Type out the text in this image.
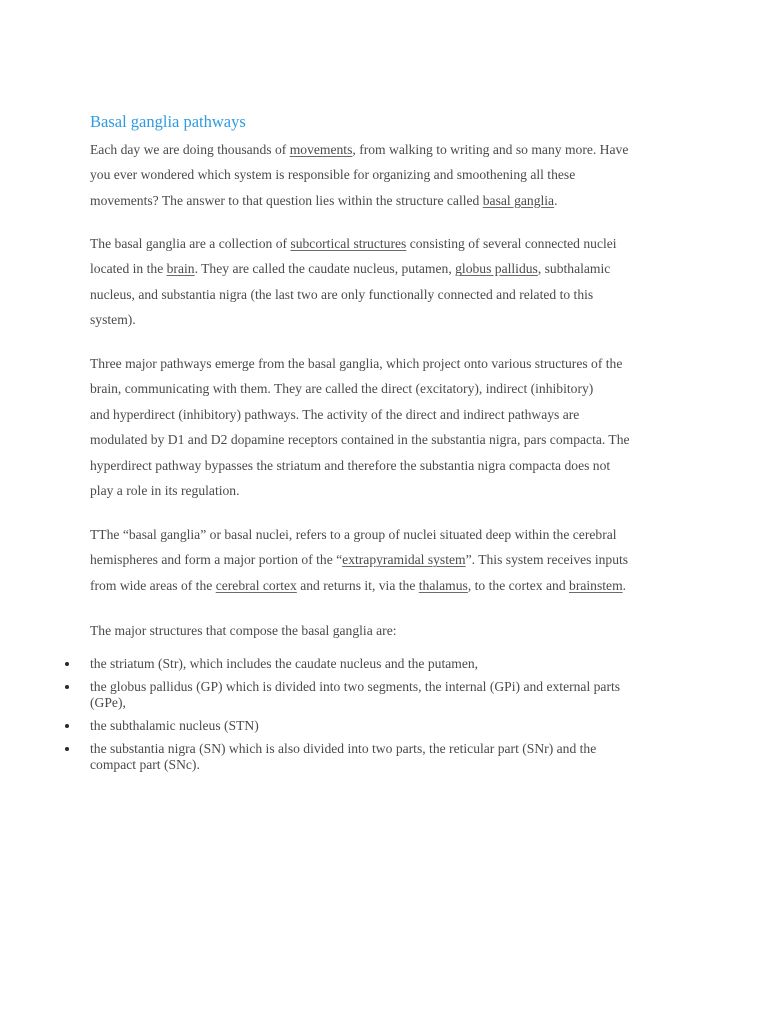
Basal ganglia pathways

Each day we are doing thousands of movements, from walking to writing and so many more. Have
you ever wondered which system is responsible for organizing and smoothening all these
movements? The answer to that question lies within the structure called basal ganglia.

The basal ganglia are a collection of subcortical structures consisting of several connected nuclei
located in the brain. They are called the caudate nucleus, putamen, globus pallidus, subthalamic
nucleus, and substantia nigra (the last two are only functionally connected and related to this
system).

Three major pathways emerge from the basal ganglia, which project onto various structures of the
brain, communicating with them. They are called the direct (excitatory), indirect (inhibitory)
and hyperdirect (inhibitory) pathways. The activity of the direct and indirect pathways are
modulated by D1 and D2 dopamine receptors contained in the substantia nigra, pars compacta. The
hyperdirect pathway bypasses the striatum and therefore the substantia nigra compacta does not
play a role in its regulation.

TThe “basal ganglia” or basal nuclei, refers to a group of nuclei situated deep within the cerebral
hemispheres and form a major portion of the “extrapyramidal system”. This system receives inputs
from wide areas of the cerebral cortex and returns it, via the thalamus, to the cortex and brainstem.

The major structures that compose the basal ganglia are:

the striatum (Str), which includes the caudate nucleus and the putamen,
the globus pallidus (GP) which is divided into two segments, the internal (GPi) and external parts
(GPe),
the subthalamic nucleus (STN)
the substantia nigra (SN) which is also divided into two parts, the reticular part (SNr) and the
compact part (SNc).
